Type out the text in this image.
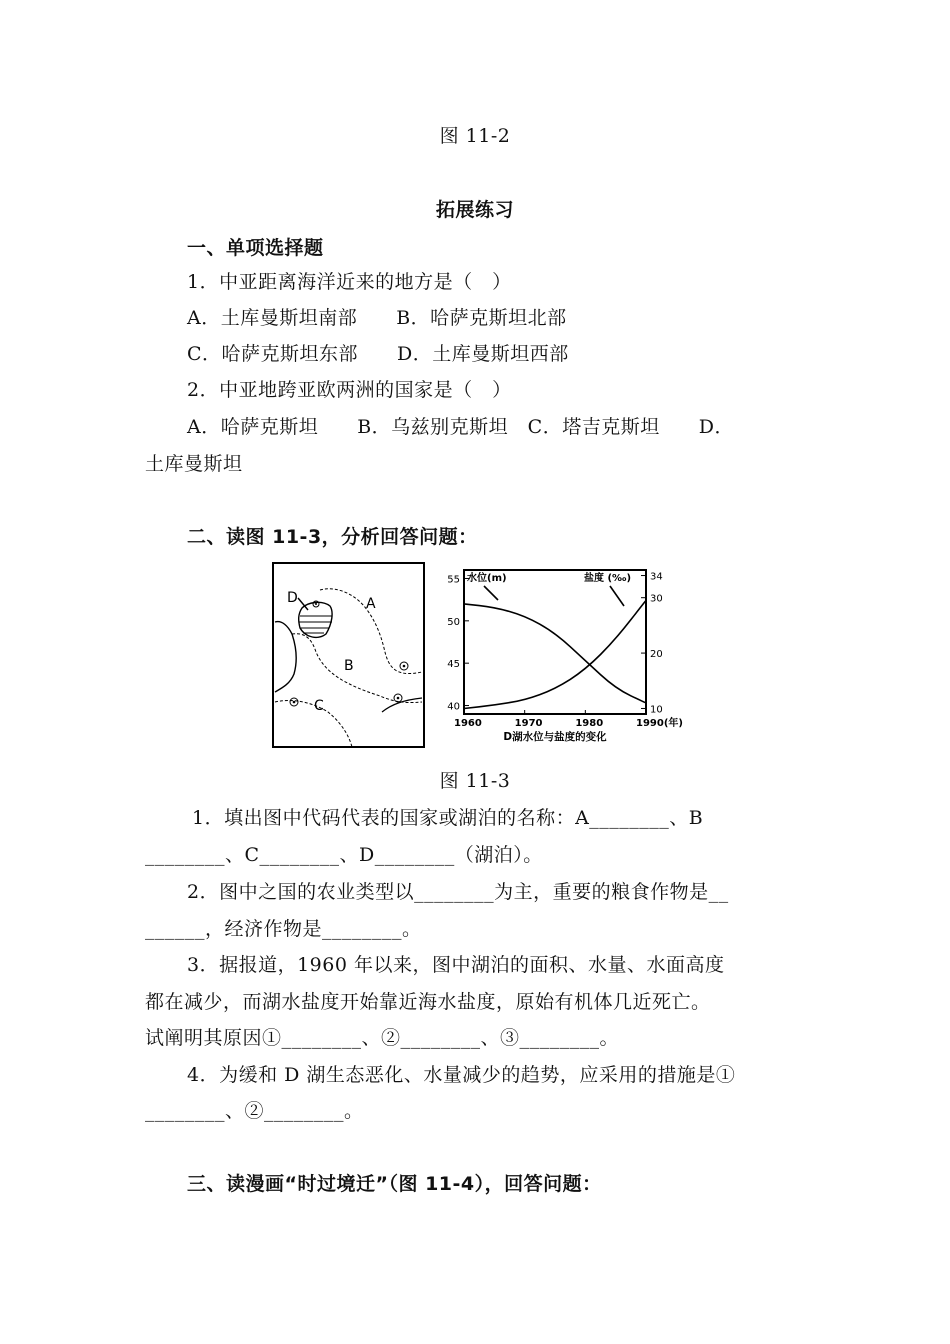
图 11-2
拓展练习
一、单项选择题
1．中亚距离海洋近来的地方是（　）
A．土库曼斯坦南部　　B．哈萨克斯坦北部
C．哈萨克斯坦东部　　D．土库曼斯坦西部
2．中亚地跨亚欧两洲的国家是（　）
A．哈萨克斯坦　　B．乌兹别克斯坦　C．塔吉克斯坦　　D．
土库曼斯坦
二、读图 11-3，分析回答问题：
A
B
C
D
40
45
50
55
10
20
30
34
1960	1970	1980	1990(年)
水位(m)	盐度 (‰)
D湖水位与盐度的变化
图 11-3
1．填出图中代码代表的国家或湖泊的名称：A________、B
________、C________、D________（湖泊）。
2．图中之国的农业类型以________为主，重要的粮食作物是__
______，经济作物是________。
3．据报道，1960 年以来，图中湖泊的面积、水量、水面高度
都在减少，而湖水盐度开始靠近海水盐度，原始有机体几近死亡。
试阐明其原因①________、②________、③________。
4．为缓和 D 湖生态恶化、水量减少的趋势，应采用的措施是①
________、②________。
三、读漫画“时过境迁”（图 11-4），回答问题：
